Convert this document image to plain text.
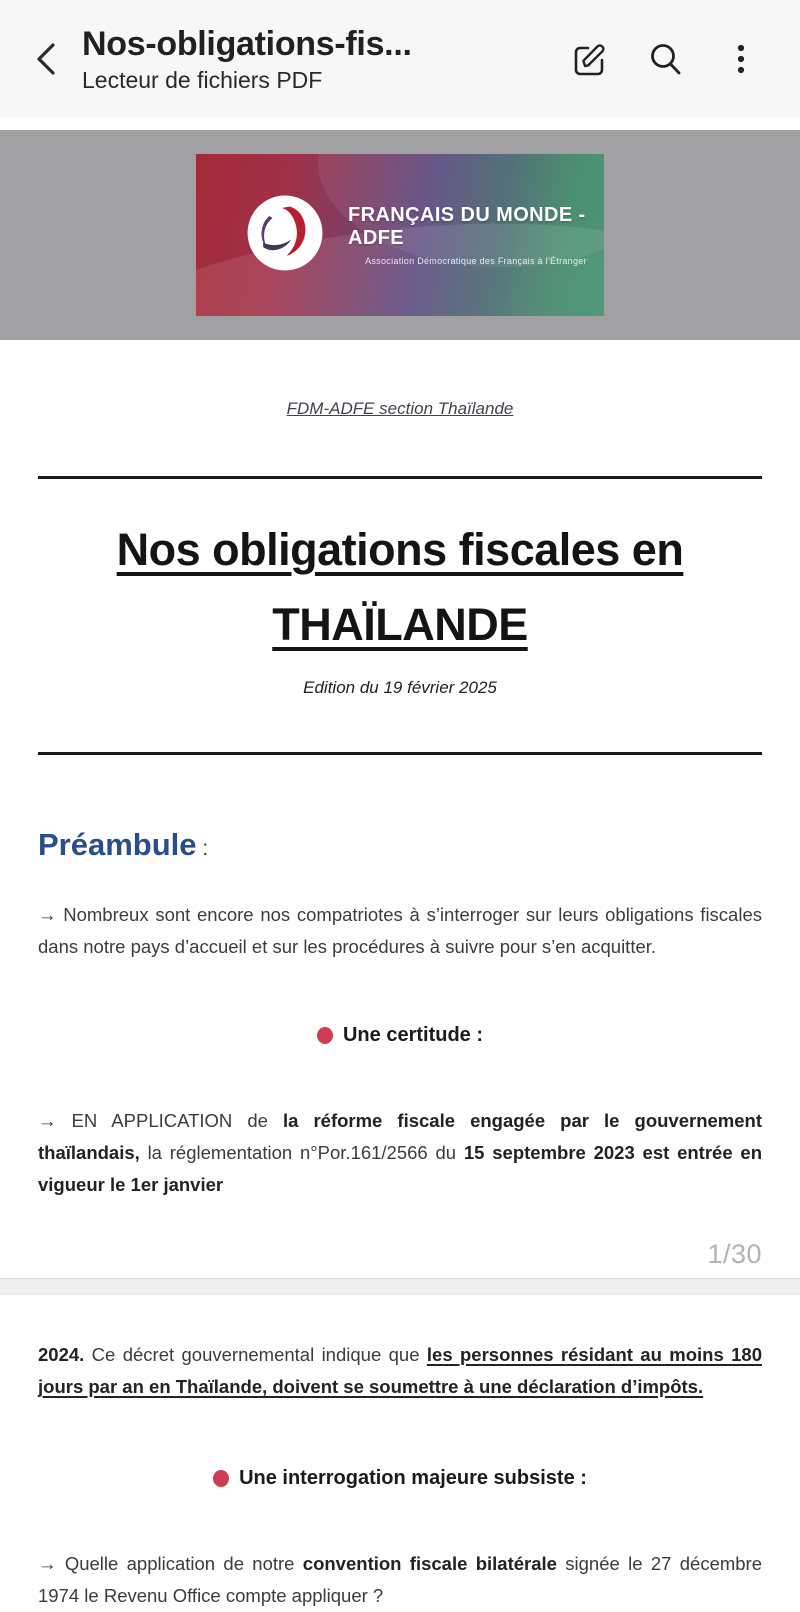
Nos-obligations-fis...
Lecteur de fichiers PDF
FRANÇAIS DU MONDE - ADFE
Association Démocratique des Français à l'Étranger
FDM-ADFE section Thaïlande
Nos obligations fiscales en
THAÏLANDE
Edition du 19 février 2025
Préambule :

→ Nombreux sont encore nos compatriotes à s’interroger sur leurs obligations fiscales dans notre pays d’accueil et sur les procédures à suivre pour s’en acquitter.

Une certitude :

→ EN APPLICATION de la réforme fiscale engagée par le gouvernement thaïlandais, la réglementation n°Por.161/2566 du 15 septembre 2023 est entrée en vigueur le 1er janvier

1/30

2024. Ce décret gouvernemental indique que les personnes résidant au moins 180 jours par an en Thaïlande, doivent se soumettre à une déclaration d’impôts.

Une interrogation majeure subsiste :

→ Quelle application de notre convention fiscale bilatérale signée le 27 décembre 1974 le Revenu Office compte appliquer ?
